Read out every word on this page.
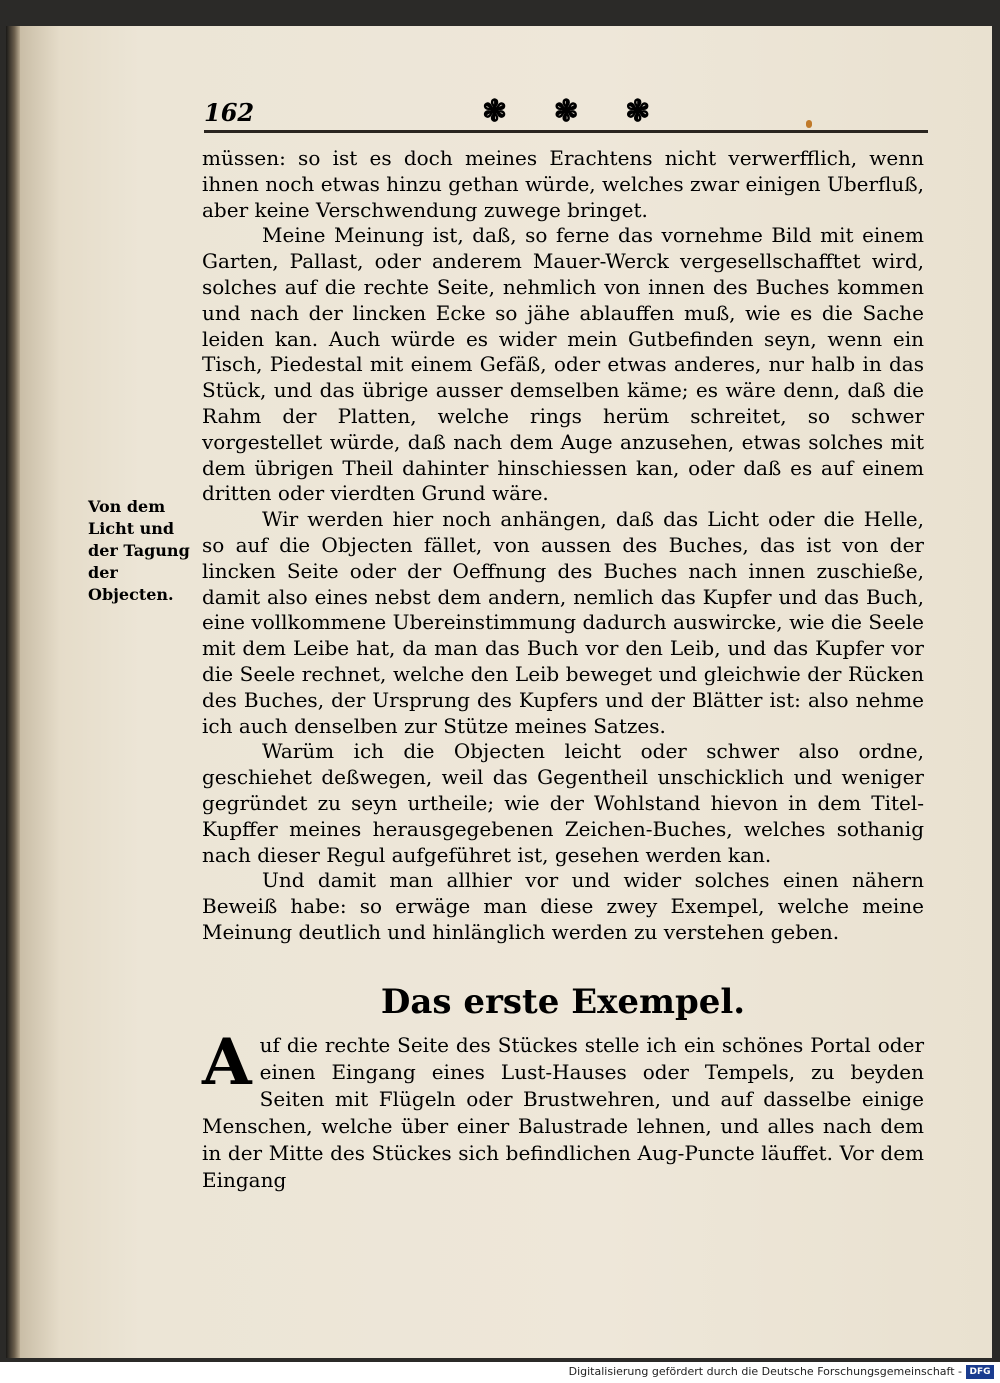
162	❃ ❃ ❃
Von dem Licht und der Tagung der Objecten.

müssen: so ist es doch meines Erachtens nicht verwerfflich, wenn ihnen noch etwas hinzu gethan würde, welches zwar einigen Uberfluß, aber keine Verschwendung zuwege bringet.

Meine Meinung ist, daß, so ferne das vornehme Bild mit einem Garten, Pallast, oder anderem Mauer-Werck vergesellschafftet wird, solches auf die rechte Seite, nehmlich von innen des Buches kommen und nach der lincken Ecke so jähe ablauffen muß, wie es die Sache leiden kan. Auch würde es wider mein Gutbefinden seyn, wenn ein Tisch, Piedestal mit einem Gefäß, oder etwas anderes, nur halb in das Stück, und das übrige ausser demselben käme; es wäre denn, daß die Rahm der Platten, welche rings herüm schreitet, so schwer vorgestellet würde, daß nach dem Auge anzusehen, etwas solches mit dem übrigen Theil dahinter hinschiessen kan, oder daß es auf einem dritten oder vierdten Grund wäre.

Wir werden hier noch anhängen, daß das Licht oder die Helle, so auf die Objecten fället, von aussen des Buches, das ist von der lincken Seite oder der Oeffnung des Buches nach innen zuschieße, damit also eines nebst dem andern, nemlich das Kupfer und das Buch, eine vollkommene Ubereinstimmung dadurch auswircke, wie die Seele mit dem Leibe hat, da man das Buch vor den Leib, und das Kupfer vor die Seele rechnet, welche den Leib beweget und gleichwie der Rücken des Buches, der Ursprung des Kupfers und der Blätter ist: also nehme ich auch denselben zur Stütze meines Satzes.

Warüm ich die Objecten leicht oder schwer also ordne, geschiehet deßwegen, weil das Gegentheil unschicklich und weniger gegründet zu seyn urtheile; wie der Wohlstand hievon in dem Titel-Kupffer meines herausgegebenen Zeichen-Buches, welches sothanig nach dieser Regul aufgeführet ist, gesehen werden kan.

Und damit man allhier vor und wider solches einen nähern Beweiß habe: so erwäge man diese zwey Exempel, welche meine Meinung deutlich und hinlänglich werden zu verstehen geben.

Das erste Exempel.
A uf die rechte Seite des Stückes stelle ich ein schönes Portal oder einen Eingang eines Lust-Hauses oder Tempels, zu beyden Seiten mit Flügeln oder Brustwehren, und auf dasselbe einige Menschen, welche über einer Balustrade lehnen, und alles nach dem in der Mitte des Stückes sich befindlichen Aug-Puncte läuffet. Vor dem Eingang
Digitalisierung gefördert durch die Deutsche Forschungsgemeinschaft - DFG
